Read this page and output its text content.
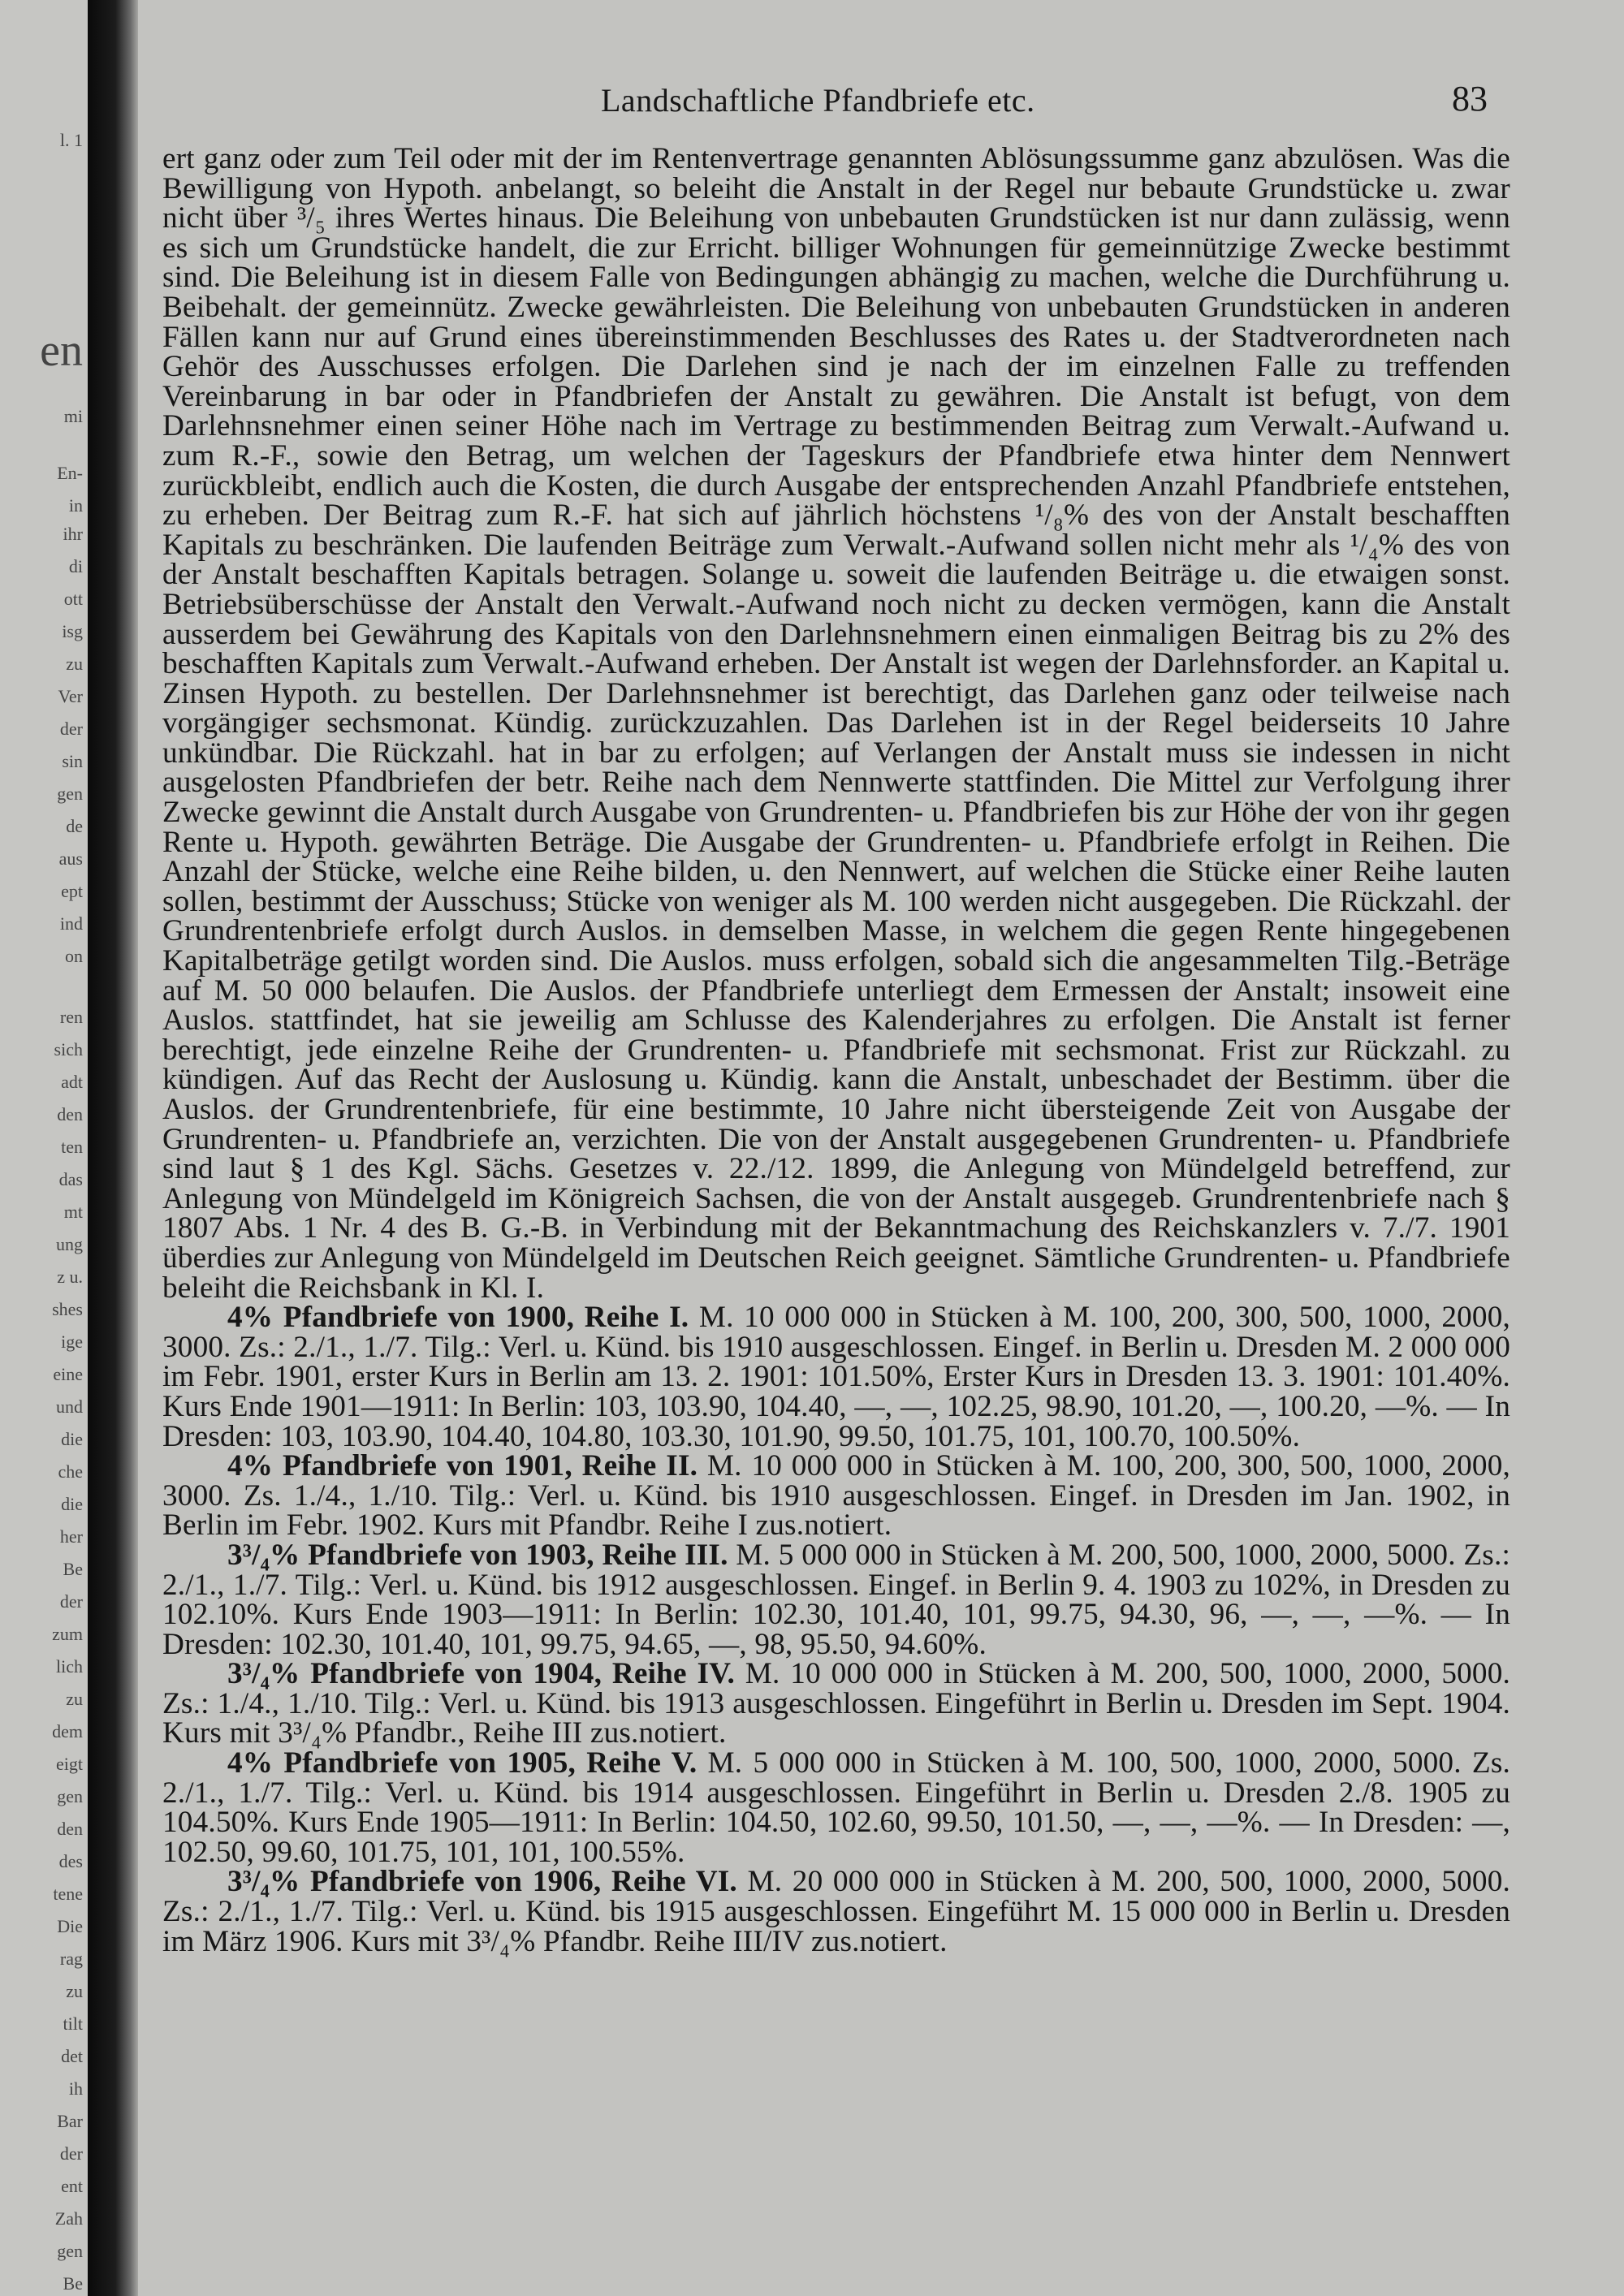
l. 1
en
mi
En-
in
ihr
di
ott
isg
zu
Ver
der
sin
gen
de
aus
ept
ind
on
ren
sich
adt
den
ten
das
mt
ung
z u.
shes
ige
eine
und
die
che
die
her
Be
der
zum
lich
zu
dem
eigt
gen
den
des
tene
Die
rag
zu
tilt
det
ih
Bar
der
ent
Zah
gen
Be
Landschaftliche Pfandbriefe etc.	83

ert ganz oder zum Teil oder mit der im Rentenvertrage genannten Ablösungssumme ganz abzulösen. Was die Bewilligung von Hypoth. anbelangt, so beleiht die Anstalt in der Regel nur bebaute Grundstücke u. zwar nicht über ³/₅ ihres Wertes hinaus. Die Beleihung von unbebauten Grundstücken ist nur dann zulässig, wenn es sich um Grundstücke handelt, die zur Erricht. billiger Wohnungen für gemeinnützige Zwecke bestimmt sind. Die Beleihung ist in diesem Falle von Bedingungen abhängig zu machen, welche die Durchführung u. Beibehalt. der gemeinnütz. Zwecke gewährleisten. Die Beleihung von unbebauten Grundstücken in anderen Fällen kann nur auf Grund eines übereinstimmenden Beschlusses des Rates u. der Stadtverordneten nach Gehör des Ausschusses erfolgen. Die Darlehen sind je nach der im einzelnen Falle zu treffenden Vereinbarung in bar oder in Pfandbriefen der Anstalt zu gewähren. Die Anstalt ist befugt, von dem Darlehnsnehmer einen seiner Höhe nach im Vertrage zu bestimmenden Beitrag zum Verwalt.-Aufwand u. zum R.-F., sowie den Betrag, um welchen der Tageskurs der Pfandbriefe etwa hinter dem Nennwert zurückbleibt, endlich auch die Kosten, die durch Ausgabe der entsprechenden Anzahl Pfandbriefe entstehen, zu erheben. Der Beitrag zum R.-F. hat sich auf jährlich höchstens ¹/₈% des von der Anstalt beschafften Kapitals zu beschränken. Die laufenden Beiträge zum Verwalt.-Aufwand sollen nicht mehr als ¹/₄% des von der Anstalt beschafften Kapitals betragen. Solange u. soweit die laufenden Beiträge u. die etwaigen sonst. Betriebsüberschüsse der Anstalt den Verwalt.-Aufwand noch nicht zu decken vermögen, kann die Anstalt ausserdem bei Gewährung des Kapitals von den Darlehnsnehmern einen einmaligen Beitrag bis zu 2% des beschafften Kapitals zum Verwalt.-Aufwand erheben. Der Anstalt ist wegen der Darlehnsforder. an Kapital u. Zinsen Hypoth. zu bestellen. Der Darlehnsnehmer ist berechtigt, das Darlehen ganz oder teilweise nach vorgängiger sechsmonat. Kündig. zurückzuzahlen. Das Darlehen ist in der Regel beiderseits 10 Jahre unkündbar. Die Rückzahl. hat in bar zu erfolgen; auf Verlangen der Anstalt muss sie indessen in nicht ausgelosten Pfandbriefen der betr. Reihe nach dem Nennwerte stattfinden. Die Mittel zur Verfolgung ihrer Zwecke gewinnt die Anstalt durch Ausgabe von Grundrenten- u. Pfandbriefen bis zur Höhe der von ihr gegen Rente u. Hypoth. gewährten Beträge. Die Ausgabe der Grundrenten- u. Pfandbriefe erfolgt in Reihen. Die Anzahl der Stücke, welche eine Reihe bilden, u. den Nennwert, auf welchen die Stücke einer Reihe lauten sollen, bestimmt der Ausschuss; Stücke von weniger als M. 100 werden nicht ausgegeben. Die Rückzahl. der Grundrentenbriefe erfolgt durch Auslos. in demselben Masse, in welchem die gegen Rente hingegebenen Kapitalbeträge getilgt worden sind. Die Auslos. muss erfolgen, sobald sich die angesammelten Tilg.-Beträge auf M. 50 000 belaufen. Die Auslos. der Pfandbriefe unterliegt dem Ermessen der Anstalt; insoweit eine Auslos. stattfindet, hat sie jeweilig am Schlusse des Kalenderjahres zu erfolgen. Die Anstalt ist ferner berechtigt, jede einzelne Reihe der Grundrenten- u. Pfandbriefe mit sechsmonat. Frist zur Rückzahl. zu kündigen. Auf das Recht der Auslosung u. Kündig. kann die Anstalt, unbeschadet der Bestimm. über die Auslos. der Grundrentenbriefe, für eine bestimmte, 10 Jahre nicht übersteigende Zeit von Ausgabe der Grundrenten- u. Pfandbriefe an, verzichten. Die von der Anstalt ausgegebenen Grundrenten- u. Pfandbriefe sind laut § 1 des Kgl. Sächs. Gesetzes v. 22./12. 1899, die Anlegung von Mündelgeld betreffend, zur Anlegung von Mündelgeld im Königreich Sachsen, die von der Anstalt ausgegeb. Grundrentenbriefe nach § 1807 Abs. 1 Nr. 4 des B. G.-B. in Verbindung mit der Bekanntmachung des Reichskanzlers v. 7./7. 1901 überdies zur Anlegung von Mündelgeld im Deutschen Reich geeignet. Sämtliche Grundrenten- u. Pfandbriefe beleiht die Reichsbank in Kl. I.

4% Pfandbriefe von 1900, Reihe I. M. 10 000 000 in Stücken à M. 100, 200, 300, 500, 1000, 2000, 3000. Zs.: 2./1., 1./7. Tilg.: Verl. u. Künd. bis 1910 ausgeschlossen. Eingef. in Berlin u. Dresden M. 2 000 000 im Febr. 1901, erster Kurs in Berlin am 13. 2. 1901: 101.50%, Erster Kurs in Dresden 13. 3. 1901: 101.40%. Kurs Ende 1901—1911: In Berlin: 103, 103.90, 104.40, —, —, 102.25, 98.90, 101.20, —, 100.20, —%. — In Dresden: 103, 103.90, 104.40, 104.80, 103.30, 101.90, 99.50, 101.75, 101, 100.70, 100.50%.

4% Pfandbriefe von 1901, Reihe II. M. 10 000 000 in Stücken à M. 100, 200, 300, 500, 1000, 2000, 3000. Zs. 1./4., 1./10. Tilg.: Verl. u. Künd. bis 1910 ausgeschlossen. Eingef. in Dresden im Jan. 1902, in Berlin im Febr. 1902. Kurs mit Pfandbr. Reihe I zus.notiert.

3³/₄% Pfandbriefe von 1903, Reihe III. M. 5 000 000 in Stücken à M. 200, 500, 1000, 2000, 5000. Zs.: 2./1., 1./7. Tilg.: Verl. u. Künd. bis 1912 ausgeschlossen. Eingef. in Berlin 9. 4. 1903 zu 102%, in Dresden zu 102.10%. Kurs Ende 1903—1911: In Berlin: 102.30, 101.40, 101, 99.75, 94.30, 96, —, —, —%. — In Dresden: 102.30, 101.40, 101, 99.75, 94.65, —, 98, 95.50, 94.60%.

3³/₄% Pfandbriefe von 1904, Reihe IV. M. 10 000 000 in Stücken à M. 200, 500, 1000, 2000, 5000. Zs.: 1./4., 1./10. Tilg.: Verl. u. Künd. bis 1913 ausgeschlossen. Eingeführt in Berlin u. Dresden im Sept. 1904. Kurs mit 3³/₄% Pfandbr., Reihe III zus.notiert.

4% Pfandbriefe von 1905, Reihe V. M. 5 000 000 in Stücken à M. 100, 500, 1000, 2000, 5000. Zs. 2./1., 1./7. Tilg.: Verl. u. Künd. bis 1914 ausgeschlossen. Eingeführt in Berlin u. Dresden 2./8. 1905 zu 104.50%. Kurs Ende 1905—1911: In Berlin: 104.50, 102.60, 99.50, 101.50, —, —, —%. — In Dresden: —, 102.50, 99.60, 101.75, 101, 101, 100.55%.

3³/₄% Pfandbriefe von 1906, Reihe VI. M. 20 000 000 in Stücken à M. 200, 500, 1000, 2000, 5000. Zs.: 2./1., 1./7. Tilg.: Verl. u. Künd. bis 1915 ausgeschlossen. Eingeführt M. 15 000 000 in Berlin u. Dresden im März 1906. Kurs mit 3³/₄% Pfandbr. Reihe III/IV zus.notiert.
